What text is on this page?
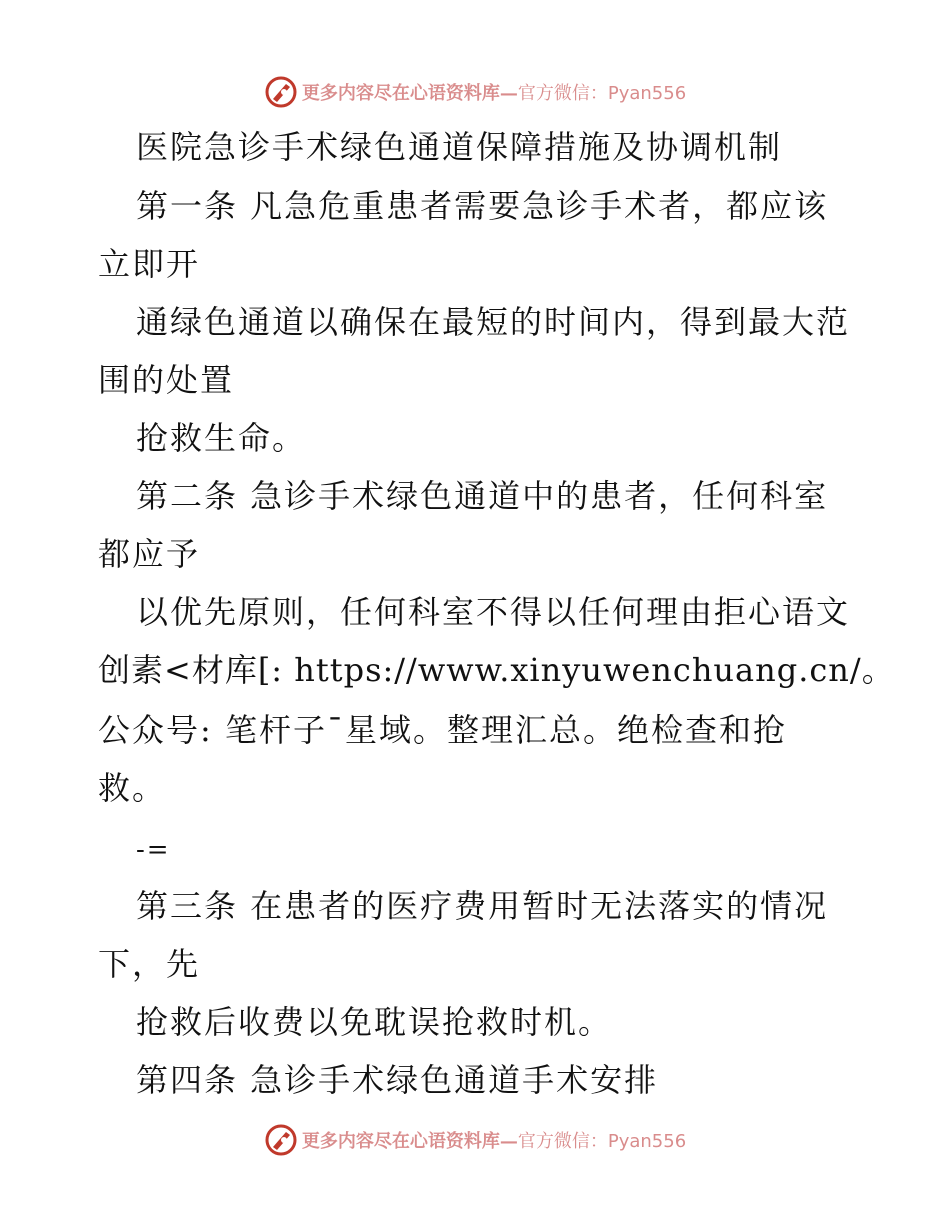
更多内容尽在心语资料库—官方微信：Pyan556
医院急诊手术绿色通道保障措施及协调机制
第一条 凡急危重患者需要急诊手术者，都应该
立即开
通绿色通道以确保在最短的时间内，得到最大范
围的处置
抢救生命。
第二条 急诊手术绿色通道中的患者，任何科室
都应予
以优先原则，任何科室不得以任何理由拒心语文
创素<材库[: https://www.xinyuwenchuang.cn/。
公众号: 笔杆子¯星域。整理汇总。绝检查和抢
救。
-=
第三条 在患者的医疗费用暂时无法落实的情况
下，先
抢救后收费以免耽误抢救时机。
第四条 急诊手术绿色通道手术安排
更多内容尽在心语资料库—官方微信：Pyan556
